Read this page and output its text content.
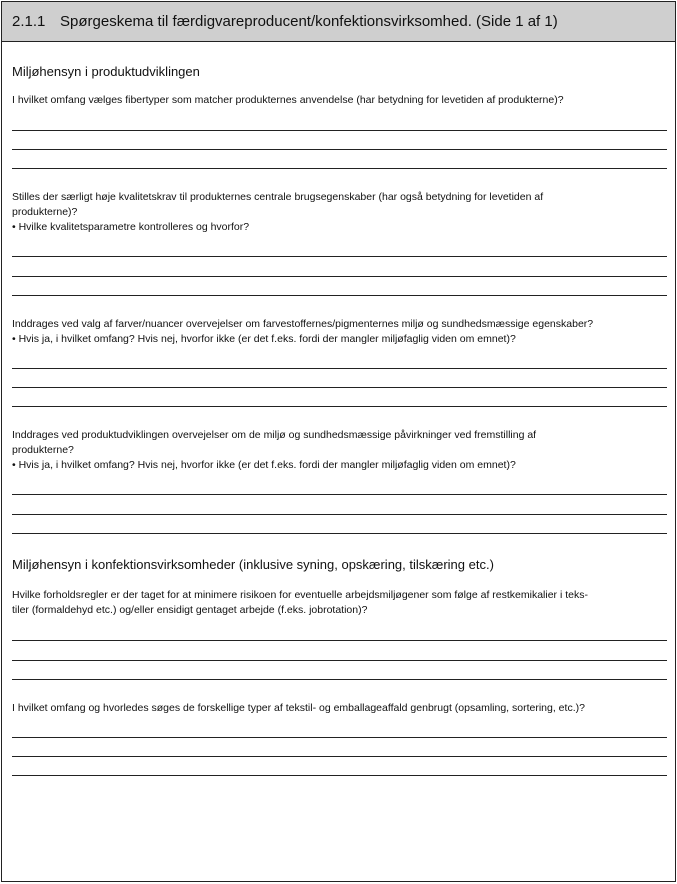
2.1.1 Spørgeskema til færdigvareproducent/konfektionsvirksomhed. (Side 1 af 1)
Miljøhensyn i produktudviklingen
I hvilket omfang vælges fibertyper som matcher produkternes anvendelse (har betydning for levetiden af produkterne)?
Stilles der særligt høje kvalitetskrav til produkternes centrale brugsegenskaber (har også betydning for levetiden af
produkterne)?
• Hvilke kvalitetsparametre kontrolleres og hvorfor?
Inddrages ved valg af farver/nuancer overvejelser om farvestoffernes/pigmenternes miljø og sundhedsmæssige egenskaber?
• Hvis ja, i hvilket omfang? Hvis nej, hvorfor ikke (er det f.eks. fordi der mangler miljøfaglig viden om emnet)?
Inddrages ved produktudviklingen overvejelser om de miljø og sundhedsmæssige påvirkninger ved fremstilling af
produkterne?
• Hvis ja, i hvilket omfang? Hvis nej, hvorfor ikke (er det f.eks. fordi der mangler miljøfaglig viden om emnet)?
Miljøhensyn i konfektionsvirksomheder (inklusive syning, opskæring, tilskæring etc.)
Hvilke forholdsregler er der taget for at minimere risikoen for eventuelle arbejdsmiljøgener som følge af restkemikalier i teks-
tiler (formaldehyd etc.) og/eller ensidigt gentaget arbejde (f.eks. jobrotation)?
I hvilket omfang og hvorledes søges de forskellige typer af tekstil- og emballageaffald genbrugt (opsamling, sortering, etc.)?
